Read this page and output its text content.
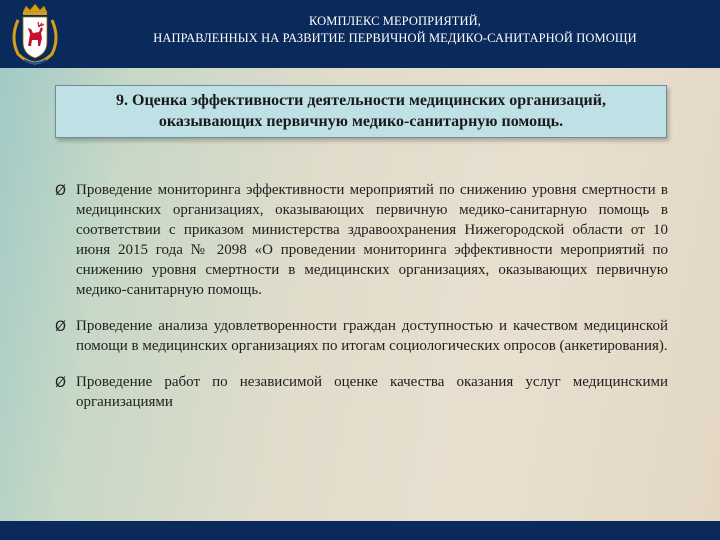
КОМПЛЕКС МЕРОПРИЯТИЙ,
НАПРАВЛЕННЫХ НА РАЗВИТИЕ ПЕРВИЧНОЙ МЕДИКО-САНИТАРНОЙ ПОМОЩИ
9. Оценка эффективности деятельности медицинских организаций,
оказывающих первичную медико-санитарную помощь.
Ø Проведение мониторинга эффективности мероприятий по снижению уровня смертности в медицинских организациях, оказывающих первичную медико-санитарную помощь в соответствии с приказом министерства здравоохранения Нижегородской области от 10 июня 2015 года № 2098 «О проведении мониторинга эффективности мероприятий по снижению уровня смертности в медицинских организациях, оказывающих первичную медико-санитарную помощь.
Ø Проведение анализа удовлетворенности граждан доступностью и качеством медицинской помощи в медицинских организациях по итогам социологических опросов (анкетирования).
Ø Проведение работ по независимой оценке качества оказания услуг медицинскими организациями
